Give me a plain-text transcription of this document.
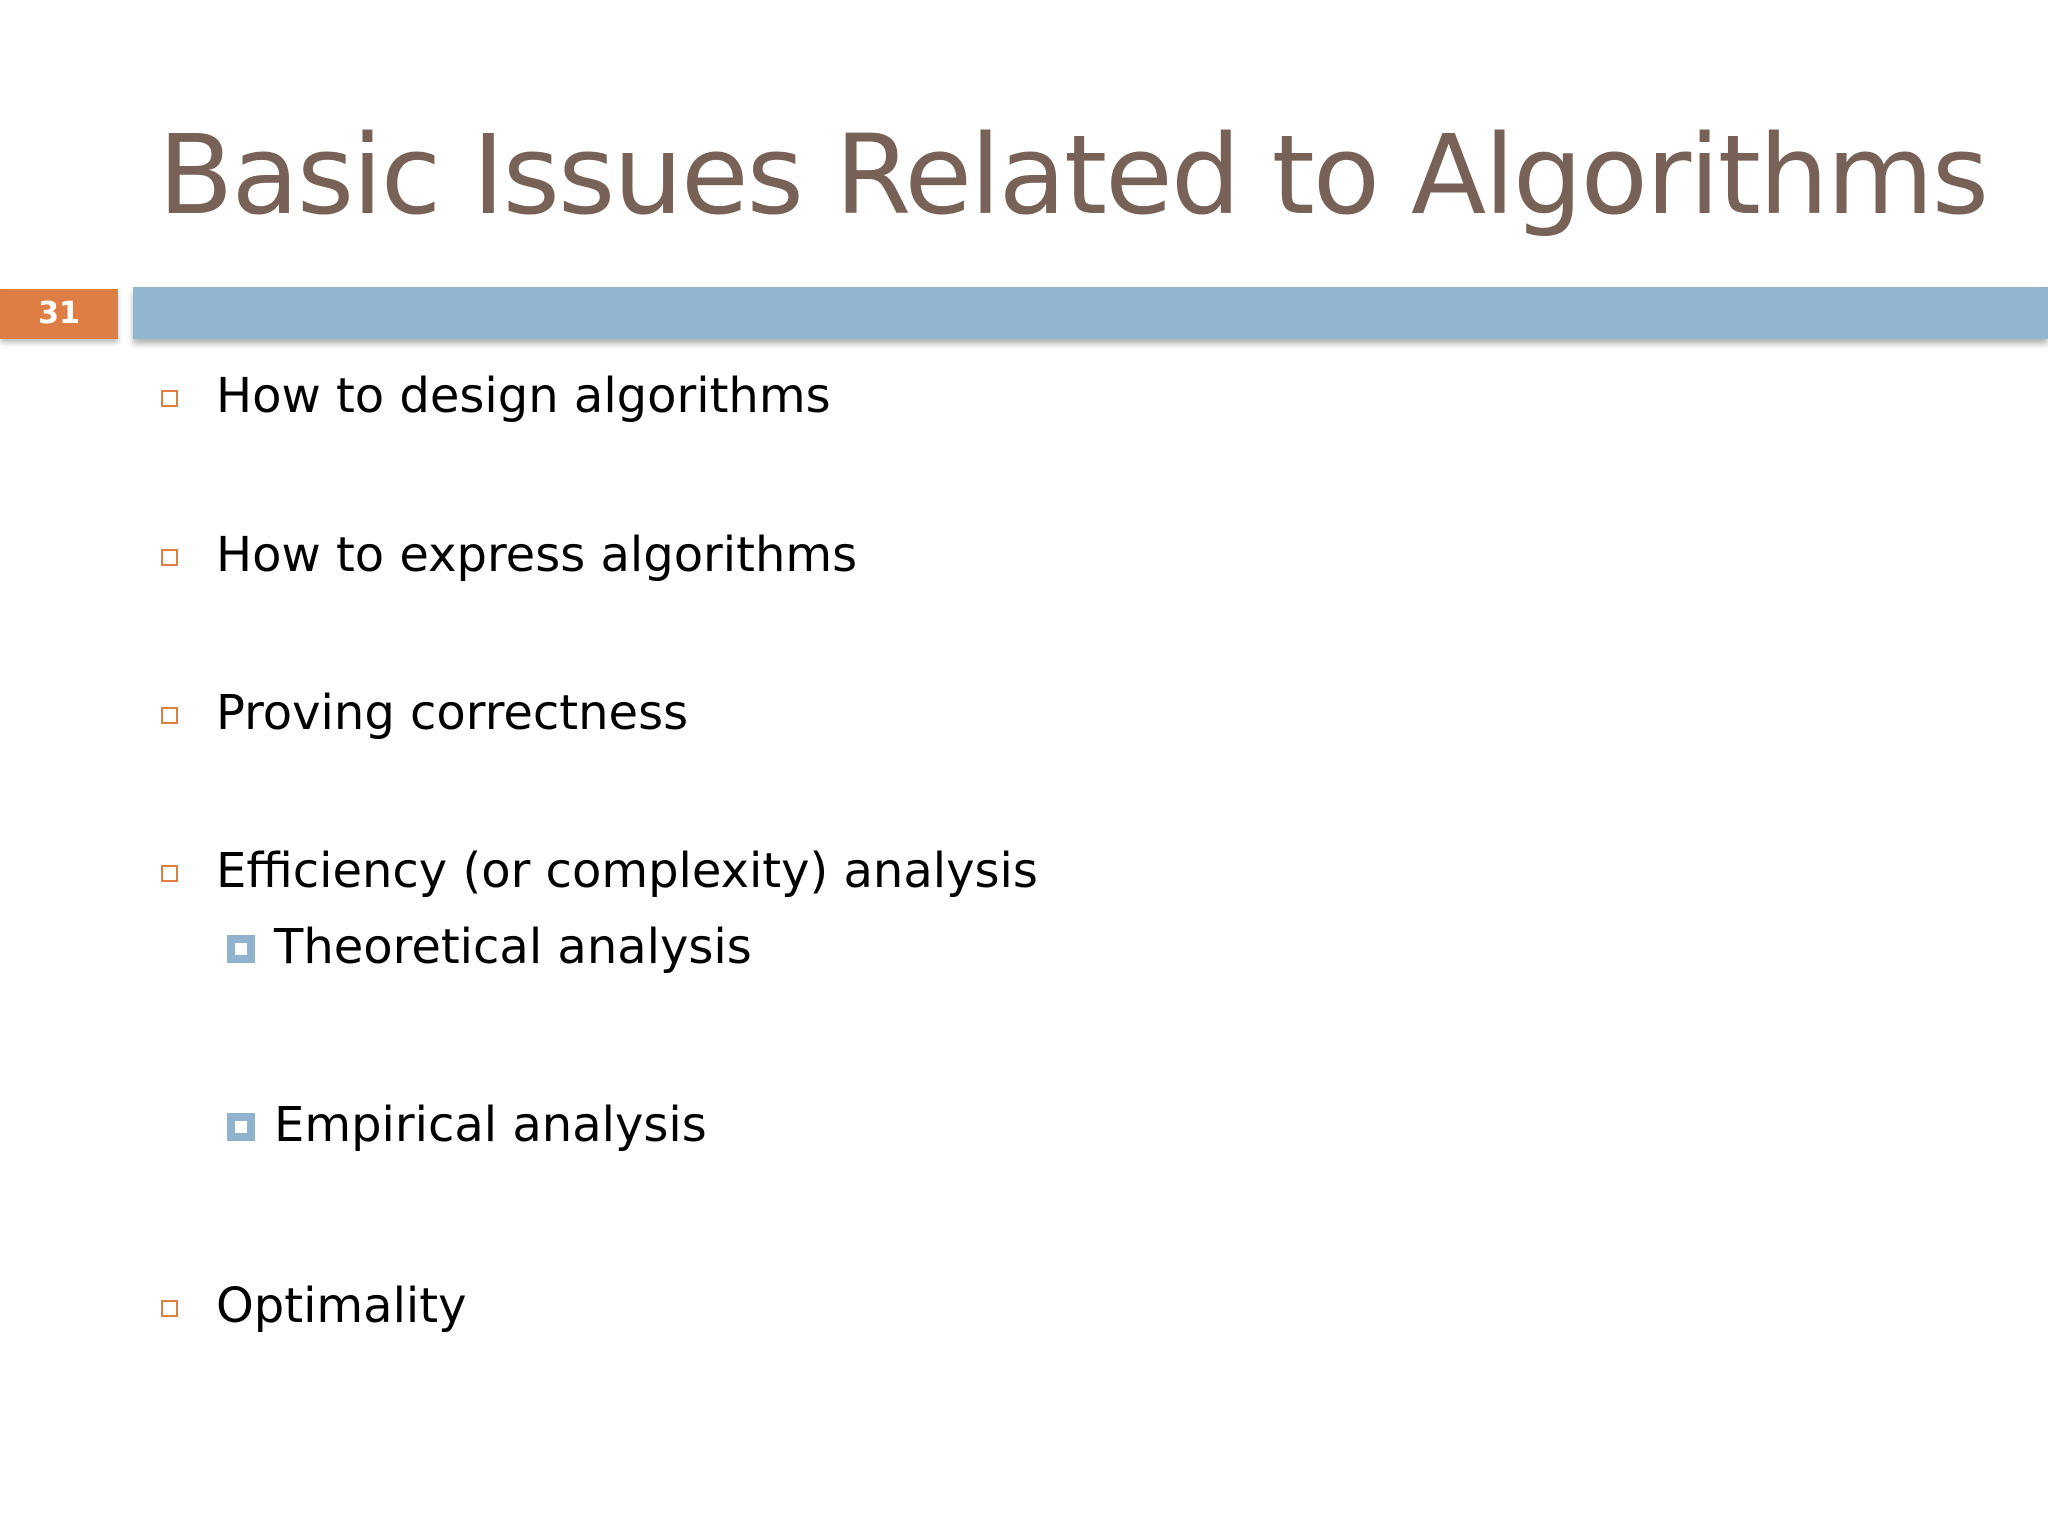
Basic Issues Related to Algorithms
31
How to design algorithms
How to express algorithms
Proving correctness
Efficiency (or complexity) analysis
Theoretical analysis
Empirical analysis
Optimality
